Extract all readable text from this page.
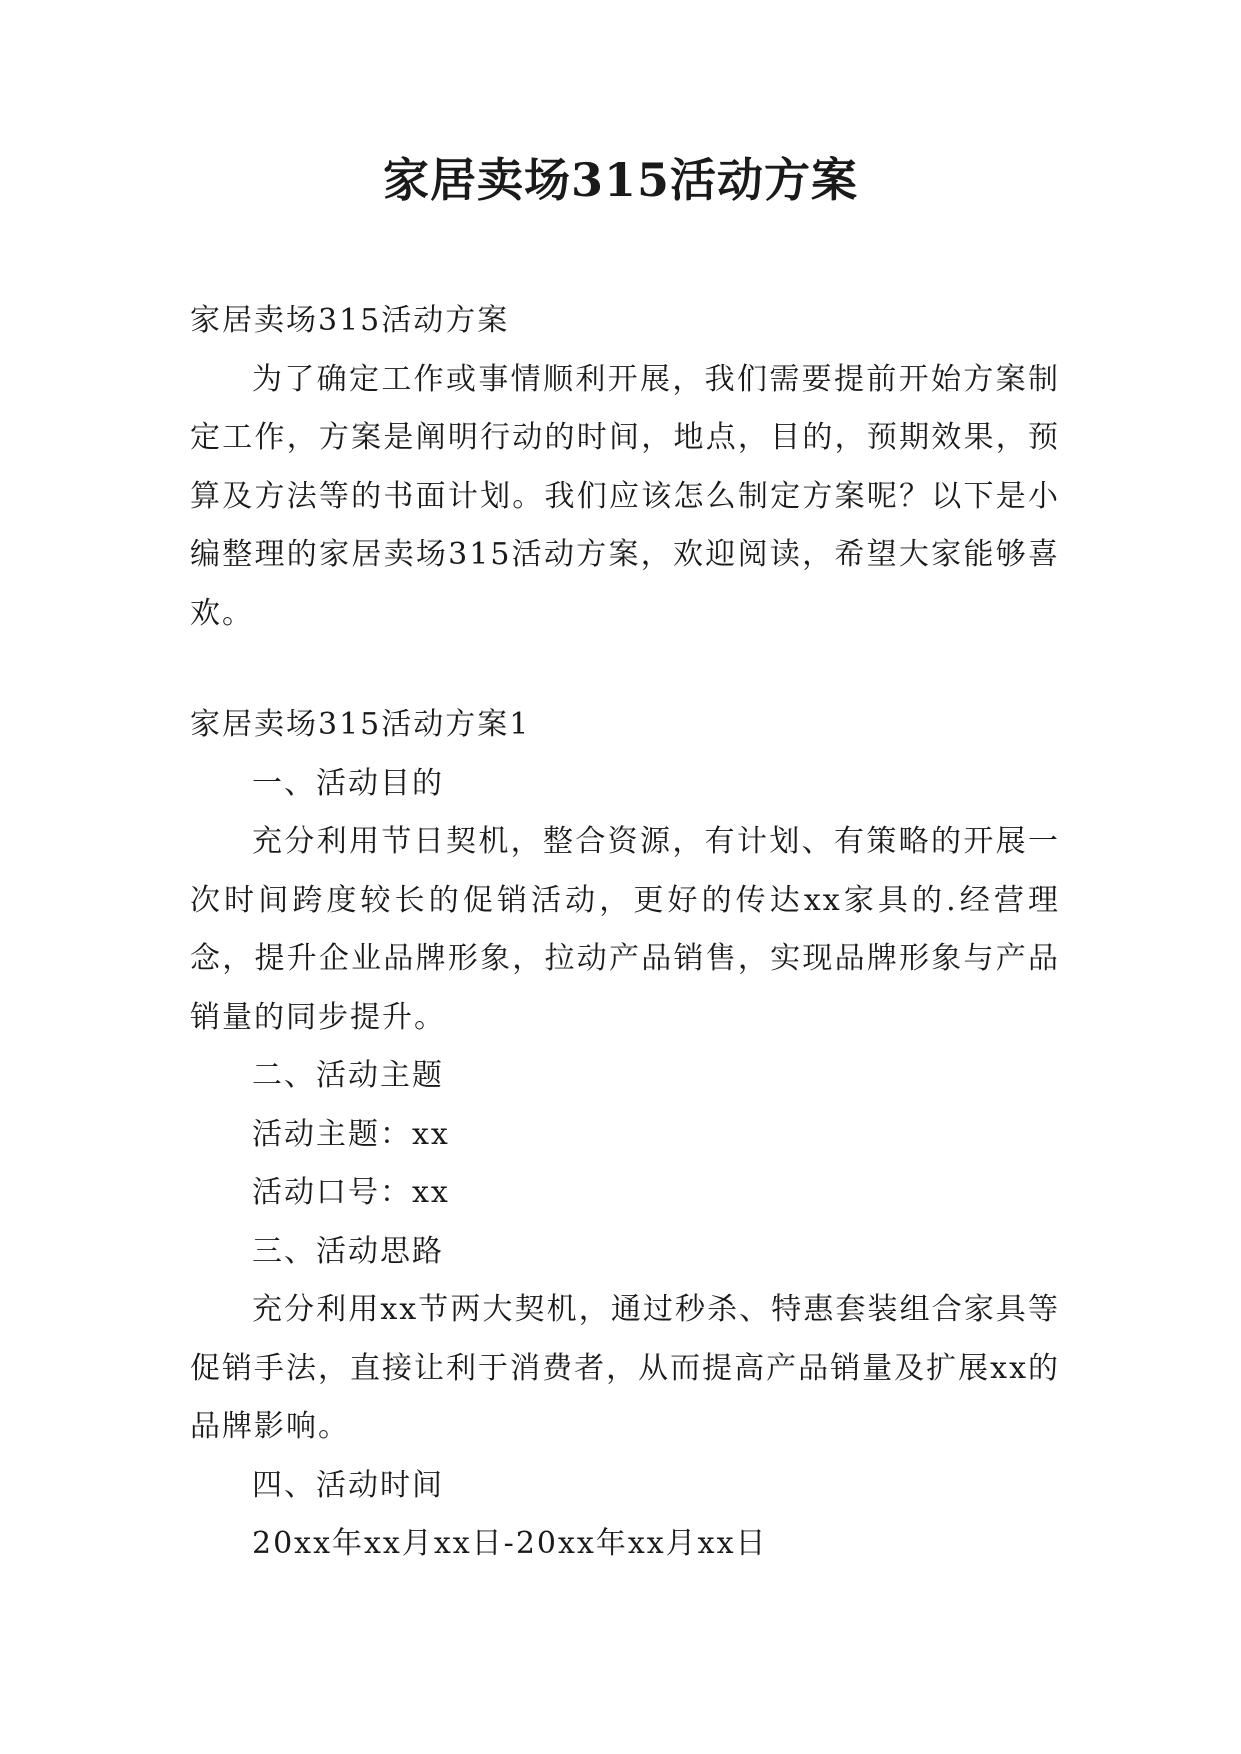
家居卖场315活动方案

家居卖场315活动方案

为了确定工作或事情顺利开展，我们需要提前开始方案制定工作，方案是阐明行动的时间，地点，目的，预期效果，预算及方法等的书面计划。我们应该怎么制定方案呢？以下是小编整理的家居卖场315活动方案，欢迎阅读，希望大家能够喜欢。

家居卖场315活动方案1

一、活动目的

充分利用节日契机，整合资源，有计划、有策略的开展一次时间跨度较长的促销活动，更好的传达xx家具的.经营理念，提升企业品牌形象，拉动产品销售，实现品牌形象与产品销量的同步提升。

二、活动主题

活动主题：xx

活动口号：xx

三、活动思路

充分利用xx节两大契机，通过秒杀、特惠套装组合家具等促销手法，直接让利于消费者，从而提高产品销量及扩展xx的品牌影响。

四、活动时间

20xx年xx月xx日-20xx年xx月xx日
